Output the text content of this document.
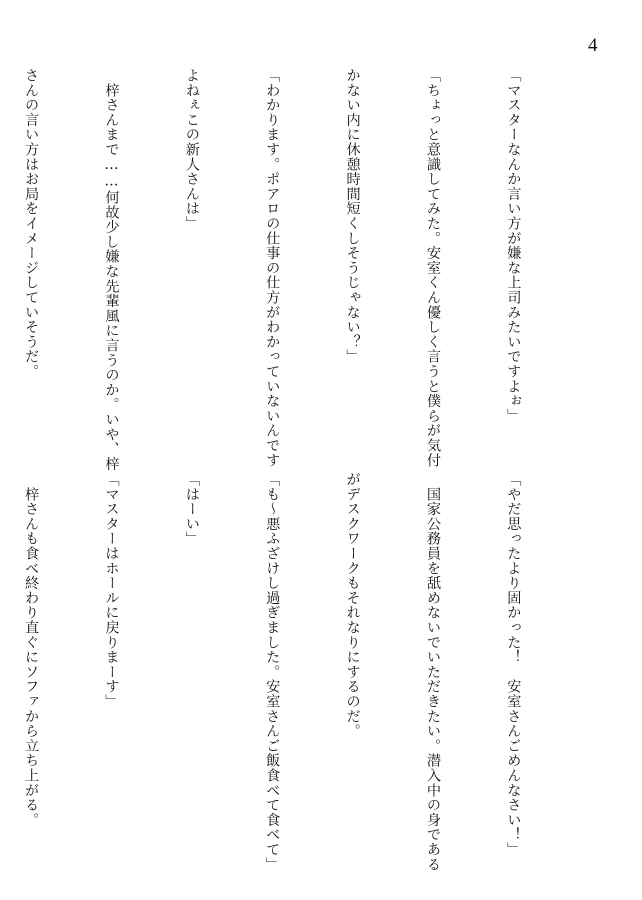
4

「マスターなんか言い方が嫌な上司みたいですよぉ」

「ちょっと意識してみた。安室くん優しく言うと僕らが気付

かない内に休憩時間短くしそうじゃない？」

「わかります。ポアロの仕事の仕方がわかっていないんです

よねぇこの新人さんは」

　梓さんまで……何故少し嫌な先輩風に言うのか。いや、梓

さんの言い方はお局をイメージしていそうだ。

「やだ思ったより固かった！　安室さんごめんなさい！」

　国家公務員を舐めないでいただきたい。潜入中の身である

がデスクワークもそれなりにするのだ。

「も～悪ふざけし過ぎました。安室さんご飯食べて食べて」

「はーい」

「マスターはホールに戻りまーす」

　梓さんも食べ終わり直ぐにソファから立ち上がる。
